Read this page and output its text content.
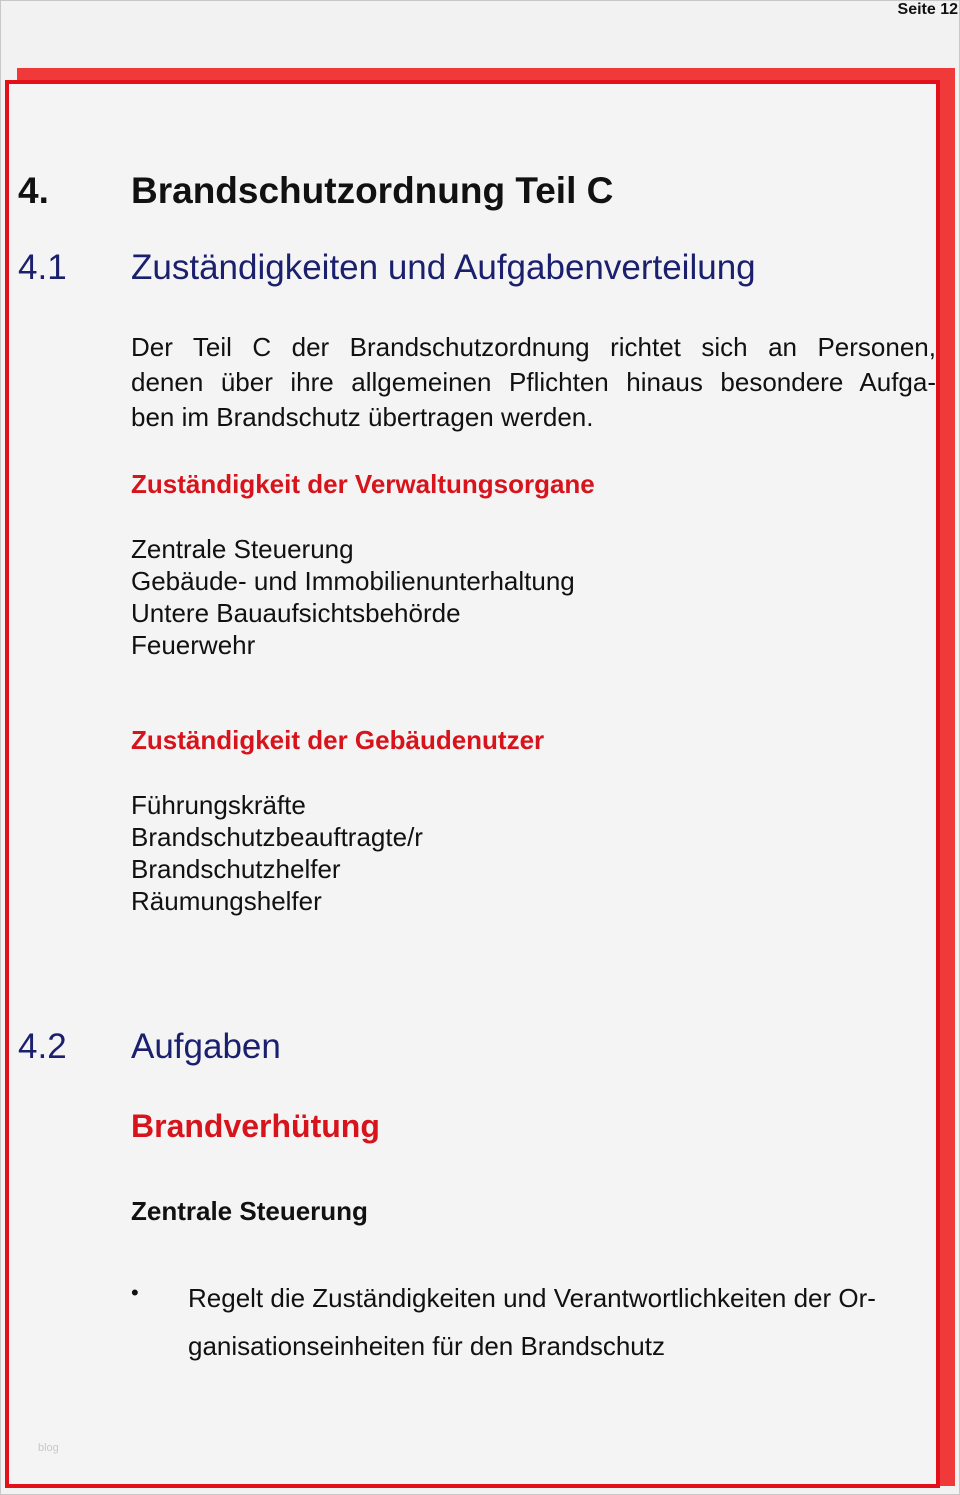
Seite 12
4. Brandschutzordnung Teil C
4.1 Zuständigkeiten und Aufgabenverteilung
Der Teil C der Brandschutzordnung richtet sich an Personen,
denen über ihre allgemeinen Pflichten hinaus besondere Aufga-
ben im Brandschutz übertragen werden.
Zuständigkeit der Verwaltungsorgane
Zentrale Steuerung
Gebäude- und Immobilienunterhaltung
Untere Bauaufsichtsbehörde
Feuerwehr
Zuständigkeit der Gebäudenutzer
Führungskräfte
Brandschutzbeauftragte/r
Brandschutzhelfer
Räumungshelfer
4.2 Aufgaben
Brandverhütung
Zentrale Steuerung
• Regelt die Zuständigkeiten und Verantwortlichkeiten der Or-
ganisationseinheiten für den Brandschutz
blog
